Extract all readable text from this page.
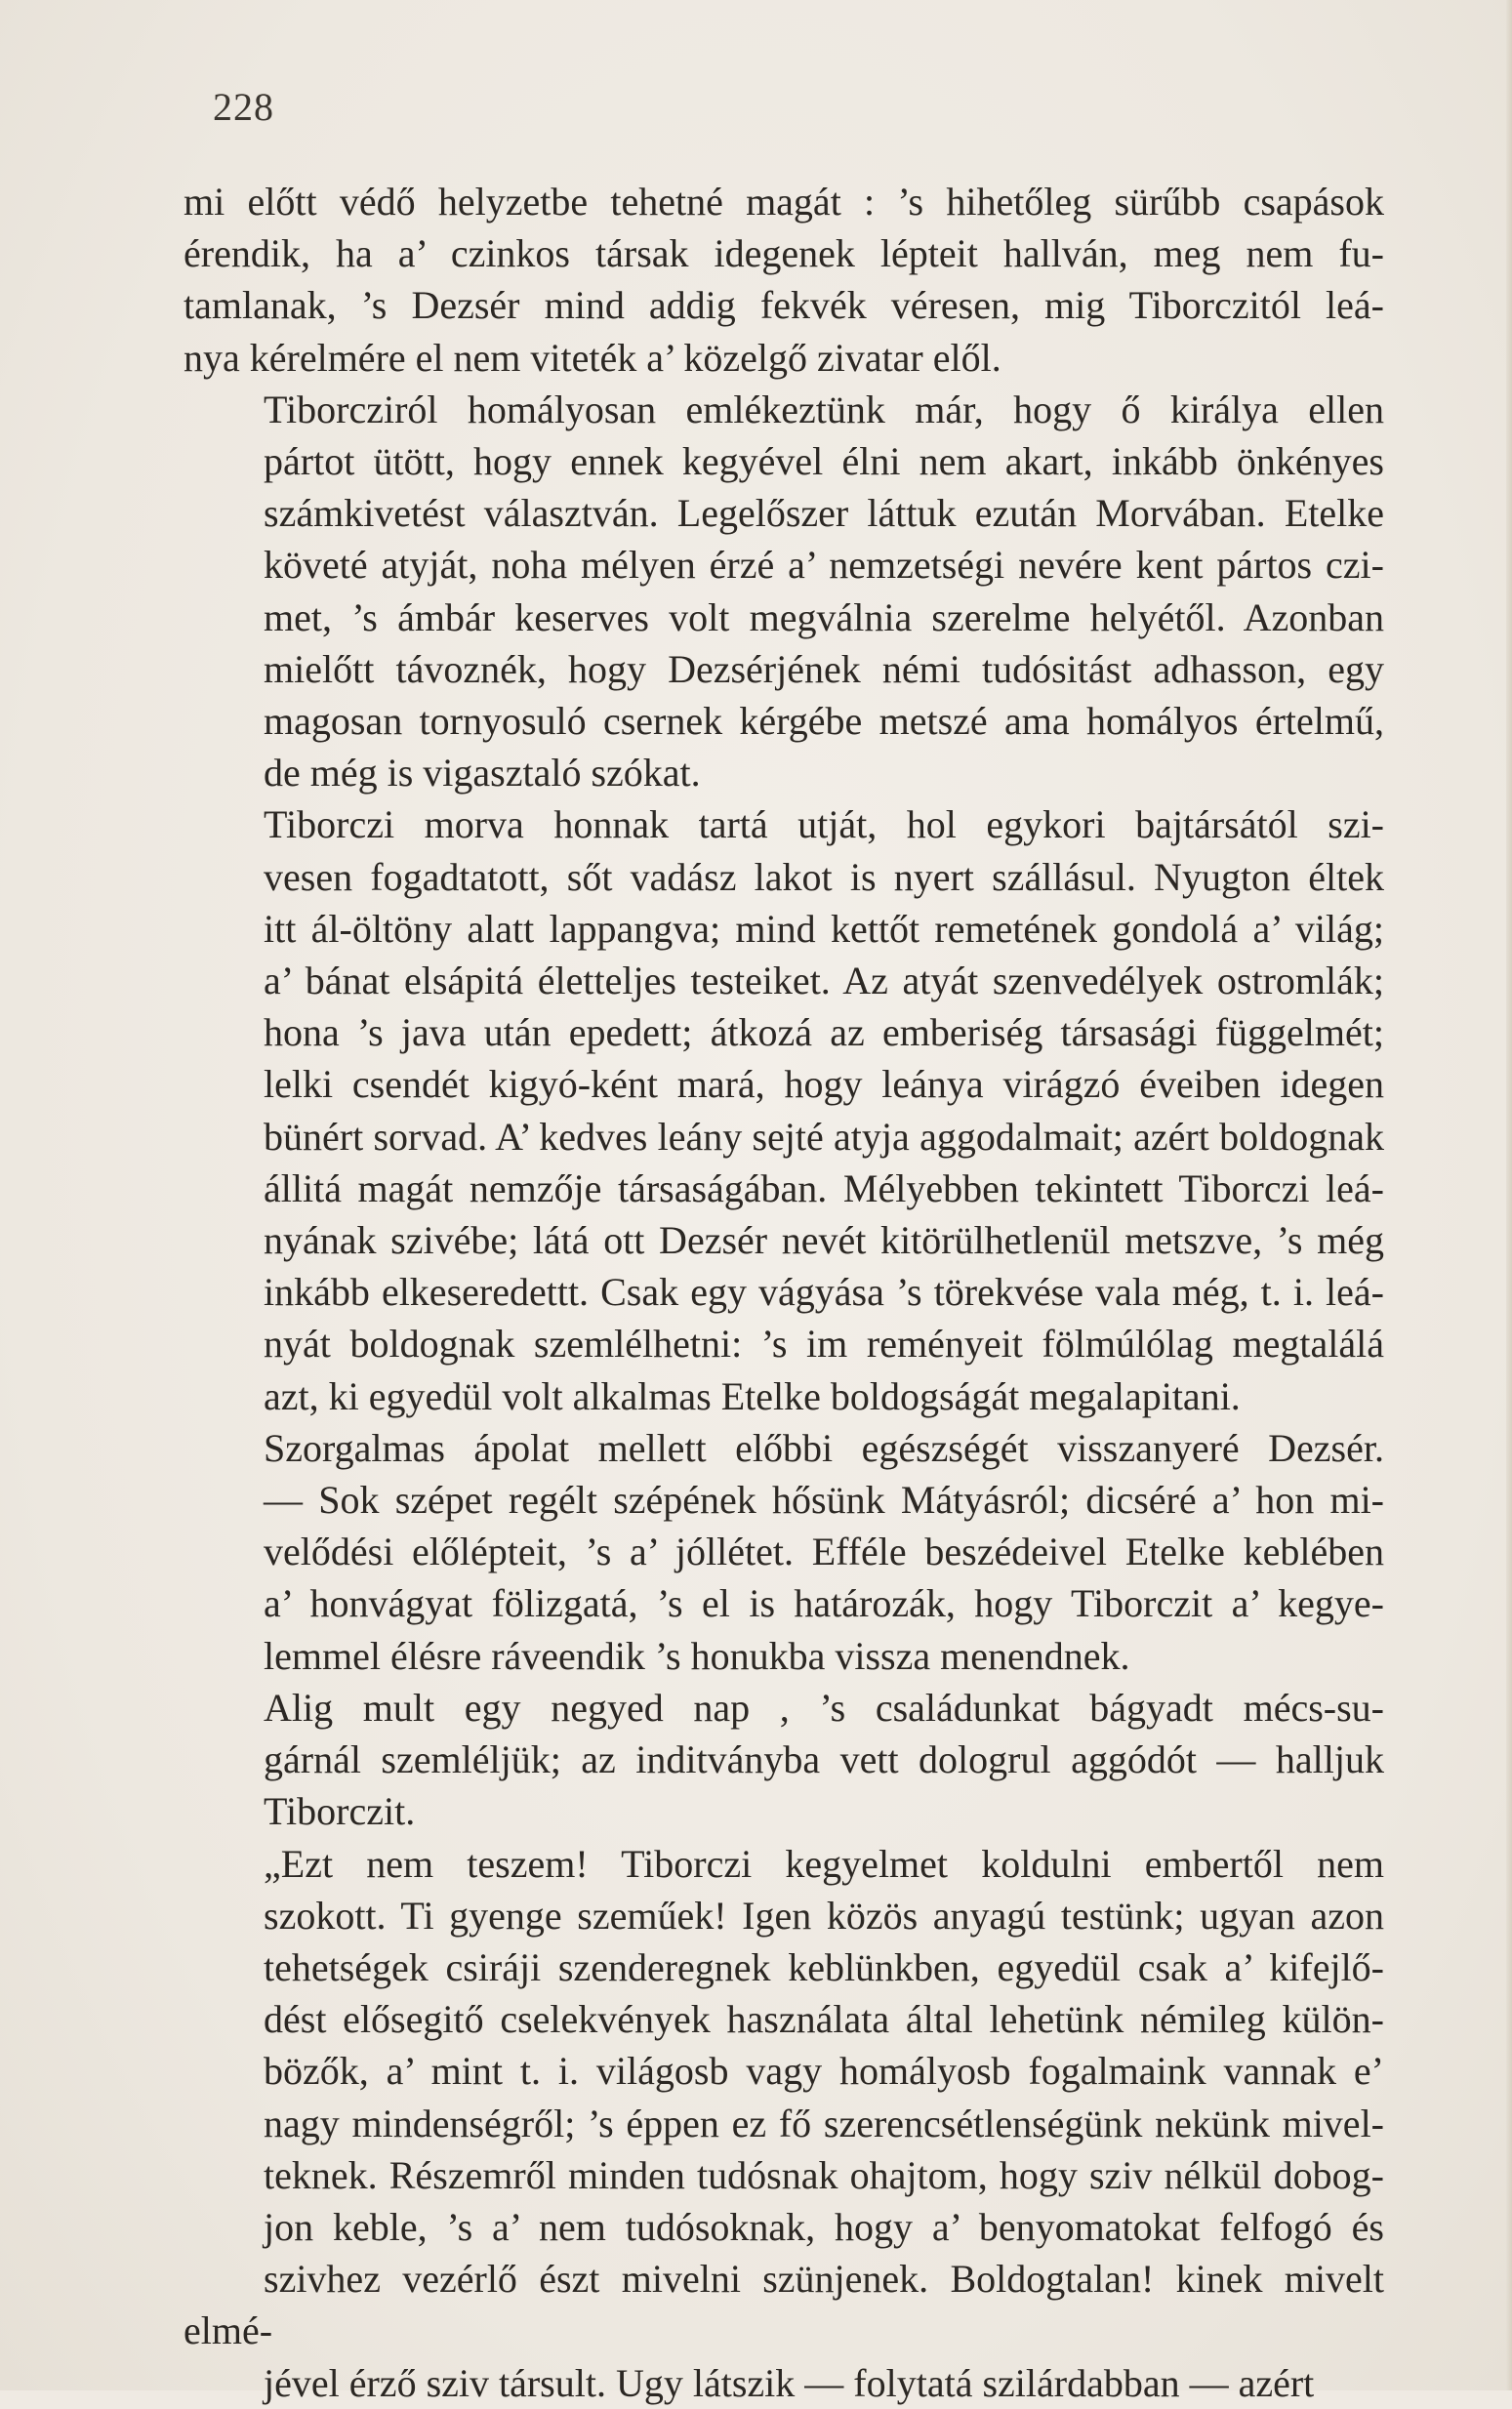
228

mi előtt védő helyzetbe tehetné magát : ’s hihetőleg sürűbb csapások
érendik, ha a’ czinkos társak idegenek lépteit hallván, meg nem fu-
tamlanak, ’s Dezsér mind addig fekvék véresen, mig Tiborczitól leá-
nya kérelmére el nem viteték a’ közelgő zivatar elől.

Tiborcziról homályosan emlékeztünk már, hogy ő királya ellen
pártot ütött, hogy ennek kegyével élni nem akart, inkább önkényes
számkivetést választván. Legelőszer láttuk ezután Morvában. Etelke
követé atyját, noha mélyen érzé a’ nemzetségi nevére kent pártos czi-
met, ’s ámbár keserves volt megválnia szerelme helyétől. Azonban
mielőtt távoznék, hogy Dezsérjének némi tudósitást adhasson, egy
magosan tornyosuló csernek kérgébe metszé ama homályos értelmű,
de még is vigasztaló szókat.

Tiborczi morva honnak tartá utját, hol egykori bajtársától szi-
vesen fogadtatott, sőt vadász lakot is nyert szállásul. Nyugton éltek
itt ál-öltöny alatt lappangva; mind kettőt remetének gondolá a’ világ;
a’ bánat elsápitá életteljes testeiket. Az atyát szenvedélyek ostromlák;
hona ’s java után epedett; átkozá az emberiség társasági függelmét;
lelki csendét kigyó-ként mará, hogy leánya virágzó éveiben idegen
bünért sorvad. A’ kedves leány sejté atyja aggodalmait; azért boldognak
állitá magát nemzője társaságában. Mélyebben tekintett Tiborczi leá-
nyának szivébe; látá ott Dezsér nevét kitörülhetlenül metszve, ’s még
inkább elkeseredettt. Csak egy vágyása ’s törekvése vala még, t. i. leá-
nyát boldognak szemlélhetni: ’s im reményeit fölmúlólag megtalálá
azt, ki egyedül volt alkalmas Etelke boldogságát megalapitani.

Szorgalmas ápolat mellett előbbi egészségét visszanyeré Dezsér.
— Sok szépet regélt szépének hősünk Mátyásról; dicséré a’ hon mi-
velődési előlépteit, ’s a’ jóllétet. Efféle beszédeivel Etelke keblében
a’ honvágyat fölizgatá, ’s el is határozák, hogy Tiborczit a’ kegye-
lemmel élésre ráveendik ’s honukba vissza menendnek.

Alig mult egy negyed nap , ’s családunkat bágyadt mécs-su-
gárnál szemléljük; az inditványba vett dologrul aggódót — halljuk
Tiborczit.

„Ezt nem teszem! Tiborczi kegyelmet koldulni embertől nem
szokott. Ti gyenge szeműek! Igen közös anyagú testünk; ugyan azon
tehetségek csiráji szenderegnek keblünkben, egyedül csak a’ kifejlő-
dést elősegitő cselekvények használata által lehetünk némileg külön-
bözők, a’ mint t. i. világosb vagy homályosb fogalmaink vannak e’
nagy mindenségről; ’s éppen ez fő szerencsétlenségünk nekünk mivel-
teknek. Részemről minden tudósnak ohajtom, hogy sziv nélkül dobog-
jon keble, ’s a’ nem tudósoknak, hogy a’ benyomatokat felfogó és
szivhez vezérlő észt mivelni szünjenek. Boldogtalan! kinek mivelt elmé-
jével érző sziv társult. Ugy látszik — folytatá szilárdabban — azért
